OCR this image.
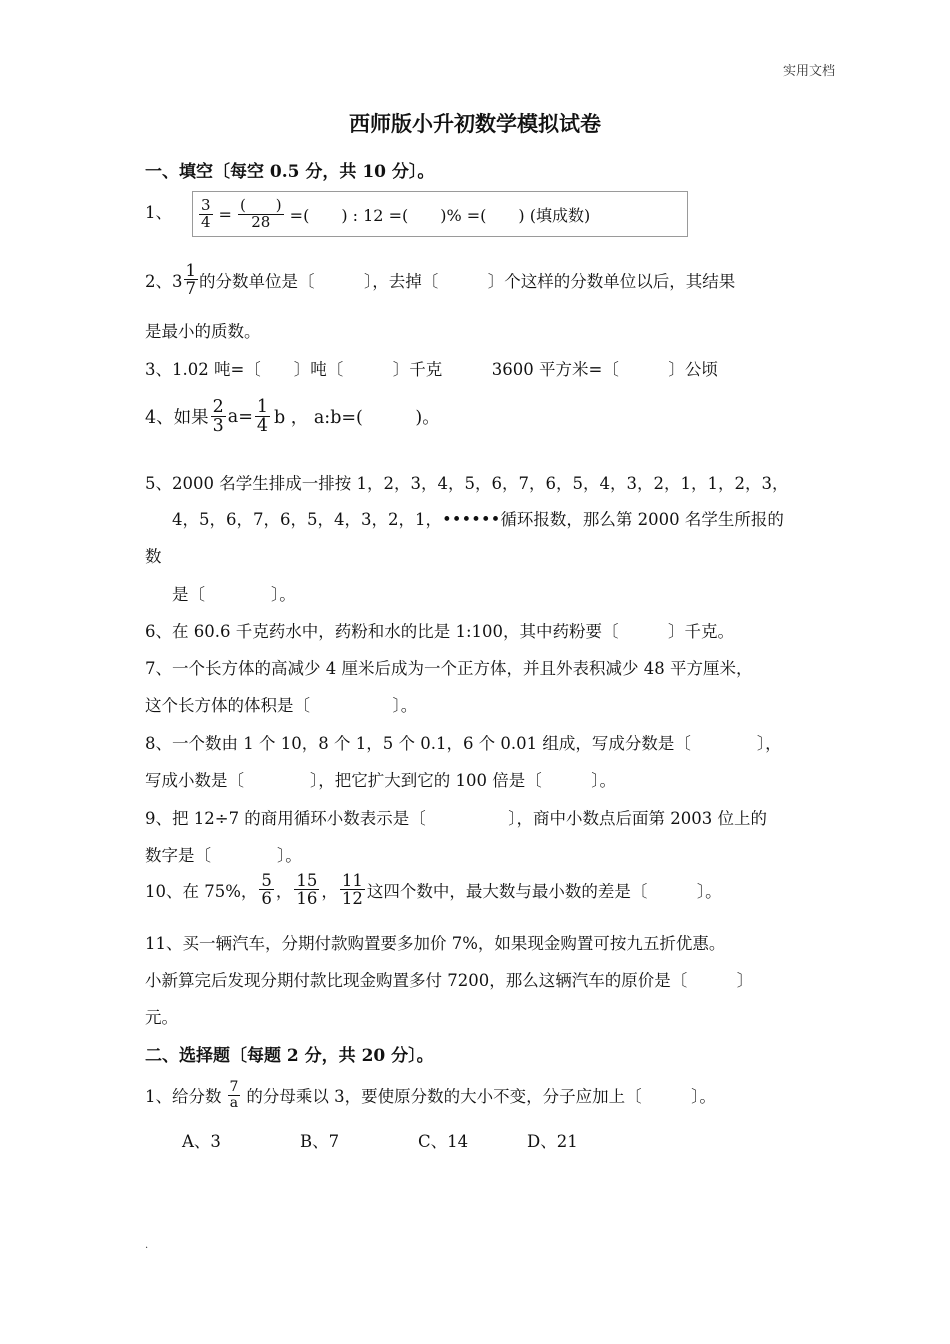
实用文档
西师版小升初数学模拟试卷
一、填空〔每空 0.5 分，共 10 分〕。
1、 $\frac{3}{4} = \frac{( )}{28}$ =(　　) : 12 =(　　)% =(　　) (填成数)
2、$3 \frac{1}{7}$ 的分数单位是〔　　　〕，去掉〔　　　〕个这样的分数单位以后，其结果
是最小的质数。
3、1.02 吨=〔　　〕吨〔　　　〕千克　　　3600 平方米=〔　　　〕公顷
4、如果 $\frac{2}{3} a= \frac{1}{4}$ b ， a:b=(　　　)。
5、2000 名学生排成一排按 1，2，3，4，5，6，7，6，5，4，3，2，1，1，2，3，
4，5，6，7，6，5，4，3，2，1，••••••循环报数，那么第 2000 名学生所报的
数
是〔　　　　〕。
6、在 60.6 千克药水中，药粉和水的比是 1:100，其中药粉要〔　　　〕千克。
7、一个长方体的高减少 4 厘米后成为一个正方体，并且外表积减少 48 平方厘米，
这个长方体的体积是〔　　　　　〕。
8、一个数由 1 个 10，8 个 1，5 个 0.1，6 个 0.01 组成，写成分数是〔　　　　〕，
写成小数是〔　　　　〕，把它扩大到它的 100 倍是〔　　　〕。
9、把 12÷7 的商用循环小数表示是〔　　　　　〕，商中小数点后面第 2003 位上的
数字是〔　　　　〕。
10、在 75%， $\frac{5}{6}$ ， $\frac{15}{16}$ ， $\frac{11}{12}$ 这四个数中，最大数与最小数的差是〔　　　〕。
11、买一辆汽车，分期付款购置要多加价 7%，如果现金购置可按九五折优惠。
小新算完后发现分期付款比现金购置多付 7200，那么这辆汽车的原价是〔　　　〕
元。
二、选择题〔每题 2 分，共 20 分〕。
1、给分数 $\frac{7}{a}$ 的分母乘以 3，要使原分数的大小不变，分子应加上〔　　　〕。
A、3	B、7	C、14	D、21
.
